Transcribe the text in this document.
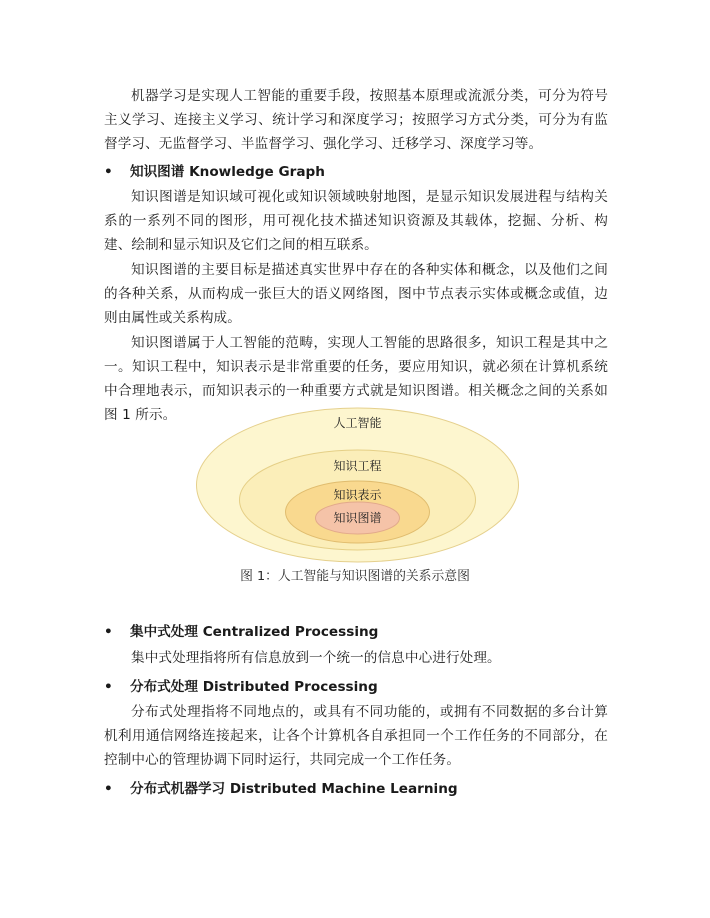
机器学习是实现人工智能的重要手段，按照基本原理或流派分类，可分为符号主义学习、连接主义学习、统计学习和深度学习；按照学习方式分类，可分为有监督学习、无监督学习、半监督学习、强化学习、迁移学习、深度学习等。

•	知识图谱 Knowledge Graph

知识图谱是知识域可视化或知识领域映射地图，是显示知识发展进程与结构关系的一系列不同的图形，用可视化技术描述知识资源及其载体，挖掘、分析、构建、绘制和显示知识及它们之间的相互联系。

知识图谱的主要目标是描述真实世界中存在的各种实体和概念，以及他们之间的各种关系，从而构成一张巨大的语义网络图，图中节点表示实体或概念或值，边则由属性或关系构成。

知识图谱属于人工智能的范畴，实现人工智能的思路很多，知识工程是其中之一。知识工程中，知识表示是非常重要的任务，要应用知识，就必须在计算机系统中合理地表示，而知识表示的一种重要方式就是知识图谱。相关概念之间的关系如图 1 所示。	人工智能
知识工程
知识表示
知识图谱
图 1：人工智能与知识图谱的关系示意图
•	集中式处理 Centralized Processing

集中式处理指将所有信息放到一个统一的信息中心进行处理。

•	分布式处理 Distributed Processing

分布式处理指将不同地点的，或具有不同功能的，或拥有不同数据的多台计算机利用通信网络连接起来，让各个计算机各自承担同一个工作任务的不同部分，在控制中心的管理协调下同时运行，共同完成一个工作任务。

•	分布式机器学习 Distributed Machine Learning
